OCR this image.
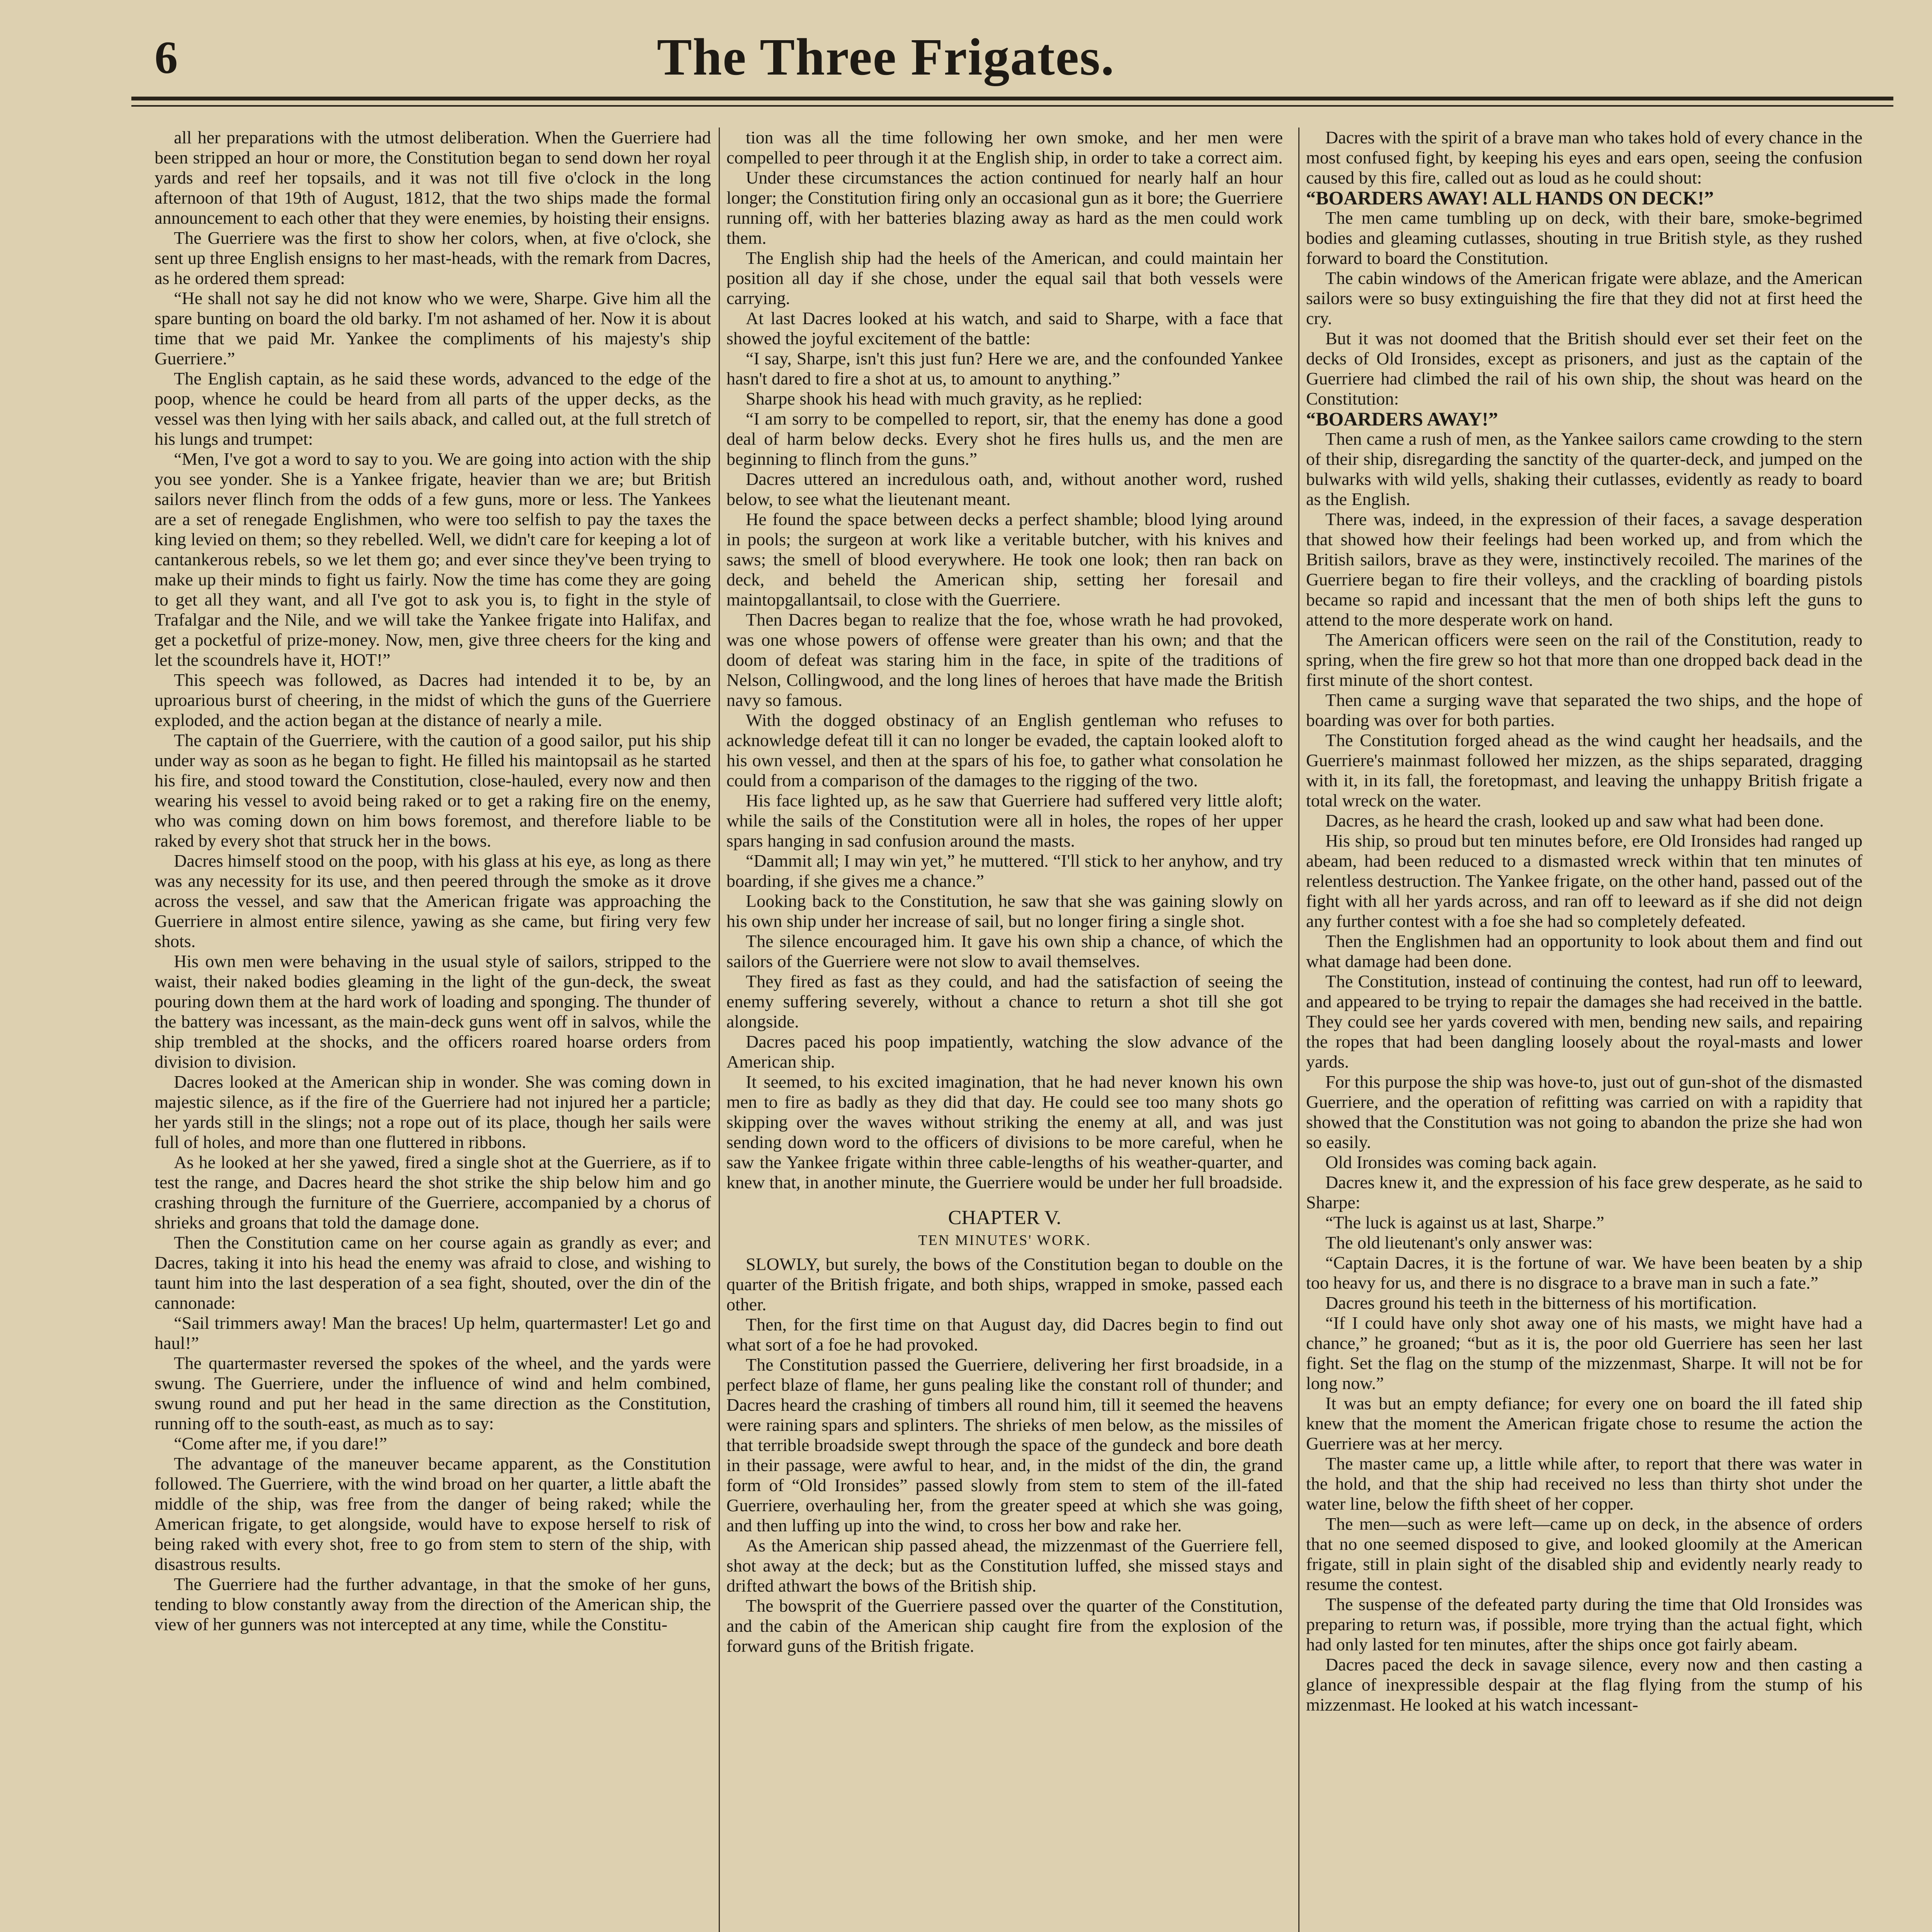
6	The Three Frigates.

all her preparations with the utmost deliberation. When the Guerriere had been stripped an hour or more, the Constitution began to send down her royal yards and reef her topsails, and it was not till five o'clock in the long afternoon of that 19th of August, 1812, that the two ships made the formal announcement to each other that they were enemies, by hoisting their ensigns.

The Guerriere was the first to show her colors, when, at five o'clock, she sent up three English ensigns to her mast-heads, with the remark from Dacres, as he ordered them spread:

“He shall not say he did not know who we were, Sharpe. Give him all the spare bunting on board the old barky. I'm not ashamed of her. Now it is about time that we paid Mr. Yankee the compliments of his majesty's ship Guerriere.”

The English captain, as he said these words, advanced to the edge of the poop, whence he could be heard from all parts of the upper decks, as the vessel was then lying with her sails aback, and called out, at the full stretch of his lungs and trumpet:

“Men, I've got a word to say to you. We are going into action with the ship you see yonder. She is a Yankee frigate, heavier than we are; but British sailors never flinch from the odds of a few guns, more or less. The Yankees are a set of renegade Englishmen, who were too selfish to pay the taxes the king levied on them; so they rebelled. Well, we didn't care for keeping a lot of cantankerous rebels, so we let them go; and ever since they've been trying to make up their minds to fight us fairly. Now the time has come they are going to get all they want, and all I've got to ask you is, to fight in the style of Trafalgar and the Nile, and we will take the Yankee frigate into Halifax, and get a pocketful of prize-money. Now, men, give three cheers for the king and let the scoundrels have it, HOT!”

This speech was followed, as Dacres had intended it to be, by an uproarious burst of cheering, in the midst of which the guns of the Guerriere exploded, and the action began at the distance of nearly a mile.

The captain of the Guerriere, with the caution of a good sailor, put his ship under way as soon as he began to fight. He filled his maintopsail as he started his fire, and stood toward the Constitution, close-hauled, every now and then wearing his vessel to avoid being raked or to get a raking fire on the enemy, who was coming down on him bows foremost, and therefore liable to be raked by every shot that struck her in the bows.

Dacres himself stood on the poop, with his glass at his eye, as long as there was any necessity for its use, and then peered through the smoke as it drove across the vessel, and saw that the American frigate was approaching the Guerriere in almost entire silence, yawing as she came, but firing very few shots.

His own men were behaving in the usual style of sailors, stripped to the waist, their naked bodies gleaming in the light of the gun-deck, the sweat pouring down them at the hard work of loading and sponging. The thunder of the battery was incessant, as the main-deck guns went off in salvos, while the ship trembled at the shocks, and the officers roared hoarse orders from division to division.

Dacres looked at the American ship in wonder. She was coming down in majestic silence, as if the fire of the Guerriere had not injured her a particle; her yards still in the slings; not a rope out of its place, though her sails were full of holes, and more than one fluttered in ribbons.

As he looked at her she yawed, fired a single shot at the Guerriere, as if to test the range, and Dacres heard the shot strike the ship below him and go crashing through the furniture of the Guerriere, accompanied by a chorus of shrieks and groans that told the damage done.

Then the Constitution came on her course again as grandly as ever; and Dacres, taking it into his head the enemy was afraid to close, and wishing to taunt him into the last desperation of a sea fight, shouted, over the din of the cannonade:

“Sail trimmers away! Man the braces! Up helm, quartermaster! Let go and haul!”

The quartermaster reversed the spokes of the wheel, and the yards were swung. The Guerriere, under the influence of wind and helm combined, swung round and put her head in the same direction as the Constitution, running off to the south-east, as much as to say:

“Come after me, if you dare!”

The advantage of the maneuver became apparent, as the Constitution followed. The Guerriere, with the wind broad on her quarter, a little abaft the middle of the ship, was free from the danger of being raked; while the American frigate, to get alongside, would have to expose herself to risk of being raked with every shot, free to go from stem to stern of the ship, with disastrous results.

The Guerriere had the further advantage, in that the smoke of her guns, tending to blow constantly away from the direction of the American ship, the view of her gunners was not intercepted at any time, while the Constitu-

tion was all the time following her own smoke, and her men were compelled to peer through it at the English ship, in order to take a correct aim.

Under these circumstances the action continued for nearly half an hour longer; the Constitution firing only an occasional gun as it bore; the Guerriere running off, with her batteries blazing away as hard as the men could work them.

The English ship had the heels of the American, and could maintain her position all day if she chose, under the equal sail that both vessels were carrying.

At last Dacres looked at his watch, and said to Sharpe, with a face that showed the joyful excitement of the battle:

“I say, Sharpe, isn't this just fun? Here we are, and the confounded Yankee hasn't dared to fire a shot at us, to amount to anything.”

Sharpe shook his head with much gravity, as he replied:

“I am sorry to be compelled to report, sir, that the enemy has done a good deal of harm below decks. Every shot he fires hulls us, and the men are beginning to flinch from the guns.”

Dacres uttered an incredulous oath, and, without another word, rushed below, to see what the lieutenant meant.

He found the space between decks a perfect shamble; blood lying around in pools; the surgeon at work like a veritable butcher, with his knives and saws; the smell of blood everywhere. He took one look; then ran back on deck, and beheld the American ship, setting her foresail and maintopgallantsail, to close with the Guerriere.

Then Dacres began to realize that the foe, whose wrath he had provoked, was one whose powers of offense were greater than his own; and that the doom of defeat was staring him in the face, in spite of the traditions of Nelson, Collingwood, and the long lines of heroes that have made the British navy so famous.

With the dogged obstinacy of an English gentleman who refuses to acknowledge defeat till it can no longer be evaded, the captain looked aloft to his own vessel, and then at the spars of his foe, to gather what consolation he could from a comparison of the damages to the rigging of the two.

His face lighted up, as he saw that Guerriere had suffered very little aloft; while the sails of the Constitution were all in holes, the ropes of her upper spars hanging in sad confusion around the masts.

“Dammit all; I may win yet,” he muttered. “I'll stick to her anyhow, and try boarding, if she gives me a chance.”

Looking back to the Constitution, he saw that she was gaining slowly on his own ship under her increase of sail, but no longer firing a single shot.

The silence encouraged him. It gave his own ship a chance, of which the sailors of the Guerriere were not slow to avail themselves.

They fired as fast as they could, and had the satisfaction of seeing the enemy suffering severely, without a chance to return a shot till she got alongside.

Dacres paced his poop impatiently, watching the slow advance of the American ship.

It seemed, to his excited imagination, that he had never known his own men to fire as badly as they did that day. He could see too many shots go skipping over the waves without striking the enemy at all, and was just sending down word to the officers of divisions to be more careful, when he saw the Yankee frigate within three cable-lengths of his weather-quarter, and knew that, in another minute, the Guerriere would be under her full broadside.

CHAPTER V.

TEN MINUTES' WORK.

SLOWLY, but surely, the bows of the Constitution began to double on the quarter of the British frigate, and both ships, wrapped in smoke, passed each other.

Then, for the first time on that August day, did Dacres begin to find out what sort of a foe he had provoked.

The Constitution passed the Guerriere, delivering her first broadside, in a perfect blaze of flame, her guns pealing like the constant roll of thunder; and Dacres heard the crashing of timbers all round him, till it seemed the heavens were raining spars and splinters. The shrieks of men below, as the missiles of that terrible broadside swept through the space of the gundeck and bore death in their passage, were awful to hear, and, in the midst of the din, the grand form of “Old Ironsides” passed slowly from stem to stem of the ill-fated Guerriere, overhauling her, from the greater speed at which she was going, and then luffing up into the wind, to cross her bow and rake her.

As the American ship passed ahead, the mizzenmast of the Guerriere fell, shot away at the deck; but as the Constitution luffed, she missed stays and drifted athwart the bows of the British ship.

The bowsprit of the Guerriere passed over the quarter of the Constitution, and the cabin of the American ship caught fire from the explosion of the forward guns of the British frigate.

Dacres with the spirit of a brave man who takes hold of every chance in the most confused fight, by keeping his eyes and ears open, seeing the confusion caused by this fire, called out as loud as he could shout:

“BOARDERS AWAY! ALL HANDS ON DECK!”

The men came tumbling up on deck, with their bare, smoke-begrimed bodies and gleaming cutlasses, shouting in true British style, as they rushed forward to board the Constitution.

The cabin windows of the American frigate were ablaze, and the American sailors were so busy extinguishing the fire that they did not at first heed the cry.

But it was not doomed that the British should ever set their feet on the decks of Old Ironsides, except as prisoners, and just as the captain of the Guerriere had climbed the rail of his own ship, the shout was heard on the Constitution:

“BOARDERS AWAY!”

Then came a rush of men, as the Yankee sailors came crowding to the stern of their ship, disregarding the sanctity of the quarter-deck, and jumped on the bulwarks with wild yells, shaking their cutlasses, evidently as ready to board as the English.

There was, indeed, in the expression of their faces, a savage desperation that showed how their feelings had been worked up, and from which the British sailors, brave as they were, instinctively recoiled. The marines of the Guerriere began to fire their volleys, and the crackling of boarding pistols became so rapid and incessant that the men of both ships left the guns to attend to the more desperate work on hand.

The American officers were seen on the rail of the Constitution, ready to spring, when the fire grew so hot that more than one dropped back dead in the first minute of the short contest.

Then came a surging wave that separated the two ships, and the hope of boarding was over for both parties.

The Constitution forged ahead as the wind caught her headsails, and the Guerriere's mainmast followed her mizzen, as the ships separated, dragging with it, in its fall, the foretopmast, and leaving the unhappy British frigate a total wreck on the water.

Dacres, as he heard the crash, looked up and saw what had been done.

His ship, so proud but ten minutes before, ere Old Ironsides had ranged up abeam, had been reduced to a dismasted wreck within that ten minutes of relentless destruction. The Yankee frigate, on the other hand, passed out of the fight with all her yards across, and ran off to leeward as if she did not deign any further contest with a foe she had so completely defeated.

Then the Englishmen had an opportunity to look about them and find out what damage had been done.

The Constitution, instead of continuing the contest, had run off to leeward, and appeared to be trying to repair the damages she had received in the battle. They could see her yards covered with men, bending new sails, and repairing the ropes that had been dangling loosely about the royal-masts and lower yards.

For this purpose the ship was hove-to, just out of gun-shot of the dismasted Guerriere, and the operation of refitting was carried on with a rapidity that showed that the Constitution was not going to abandon the prize she had won so easily.

Old Ironsides was coming back again.

Dacres knew it, and the expression of his face grew desperate, as he said to Sharpe:

“The luck is against us at last, Sharpe.”

The old lieutenant's only answer was:

“Captain Dacres, it is the fortune of war. We have been beaten by a ship too heavy for us, and there is no disgrace to a brave man in such a fate.”

Dacres ground his teeth in the bitterness of his mortification.

“If I could have only shot away one of his masts, we might have had a chance,” he groaned; “but as it is, the poor old Guerriere has seen her last fight. Set the flag on the stump of the mizzenmast, Sharpe. It will not be for long now.”

It was but an empty defiance; for every one on board the ill fated ship knew that the moment the American frigate chose to resume the action the Guerriere was at her mercy.

The master came up, a little while after, to report that there was water in the hold, and that the ship had received no less than thirty shot under the water line, below the fifth sheet of her copper.

The men—such as were left—came up on deck, in the absence of orders that no one seemed disposed to give, and looked gloomily at the American frigate, still in plain sight of the disabled ship and evidently nearly ready to resume the contest.

The suspense of the defeated party during the time that Old Ironsides was preparing to return was, if possible, more trying than the actual fight, which had only lasted for ten minutes, after the ships once got fairly abeam.

Dacres paced the deck in savage silence, every now and then casting a glance of inexpressible despair at the flag flying from the stump of his mizzenmast. He looked at his watch incessant-
